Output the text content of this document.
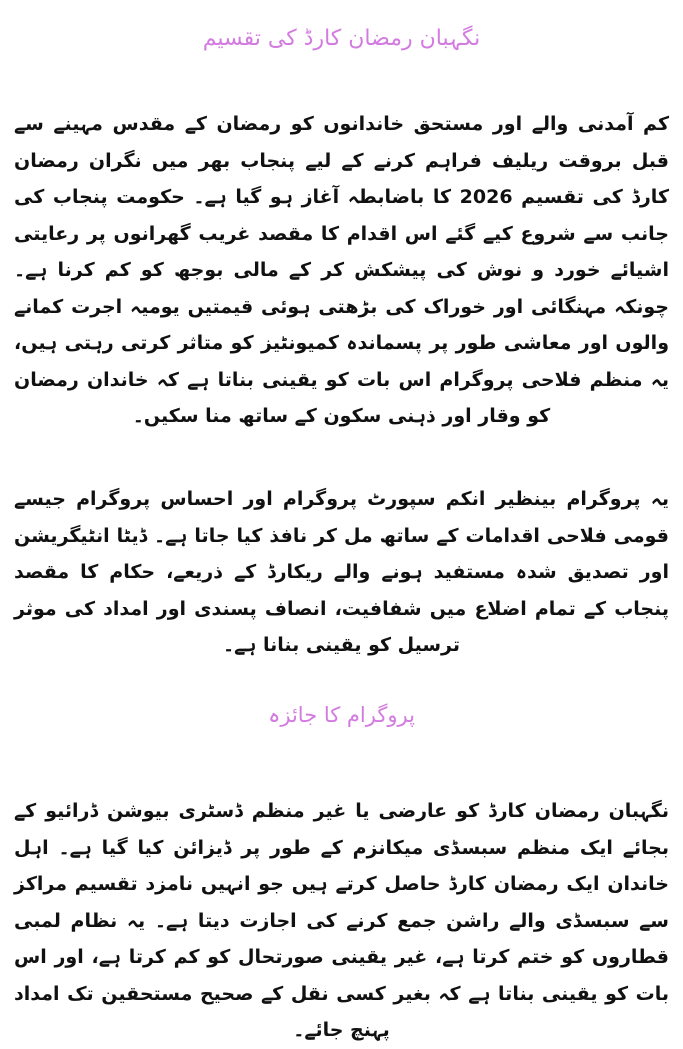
نگہبان رمضان کارڈ کی تقسیم

کم آمدنی والے اور مستحق خاندانوں کو رمضان کے مقدس مہینے سے قبل بروقت ریلیف فراہم کرنے کے لیے پنجاب بھر میں نگران رمضان کارڈ کی تقسیم 2026 کا باضابطہ آغاز ہو گیا ہے۔ حکومت پنجاب کی جانب سے شروع کیے گئے اس اقدام کا مقصد غریب گھرانوں پر رعایتی اشیائے خورد و نوش کی پیشکش کر کے مالی بوجھ کو کم کرنا ہے۔ چونکہ مہنگائی اور خوراک کی بڑھتی ہوئی قیمتیں یومیہ اجرت کمانے والوں اور معاشی طور پر پسماندہ کمیونٹیز کو متاثر کرتی رہتی ہیں، یہ منظم فلاحی پروگرام اس بات کو یقینی بناتا ہے کہ خاندان رمضان کو وقار اور ذہنی سکون کے ساتھ منا سکیں۔

یہ پروگرام بینظیر انکم سپورٹ پروگرام اور احساس پروگرام جیسے قومی فلاحی اقدامات کے ساتھ مل کر نافذ کیا جاتا ہے۔ ڈیٹا انٹیگریشن اور تصدیق شدہ مستفید ہونے والے ریکارڈ کے ذریعے، حکام کا مقصد پنجاب کے تمام اضلاع میں شفافیت، انصاف پسندی اور امداد کی موثر ترسیل کو یقینی بنانا ہے۔

پروگرام کا جائزہ

نگہبان رمضان کارڈ کو عارضی یا غیر منظم ڈسٹری بیوشن ڈرائیو کے بجائے ایک منظم سبسڈی میکانزم کے طور پر ڈیزائن کیا گیا ہے۔ اہل خاندان ایک رمضان کارڈ حاصل کرتے ہیں جو انہیں نامزد تقسیم مراکز سے سبسڈی والے راشن جمع کرنے کی اجازت دیتا ہے۔ یہ نظام لمبی قطاروں کو ختم کرتا ہے، غیر یقینی صورتحال کو کم کرتا ہے، اور اس بات کو یقینی بناتا ہے کہ بغیر کسی نقل کے صحیح مستحقین تک امداد پہنچ جائے۔
